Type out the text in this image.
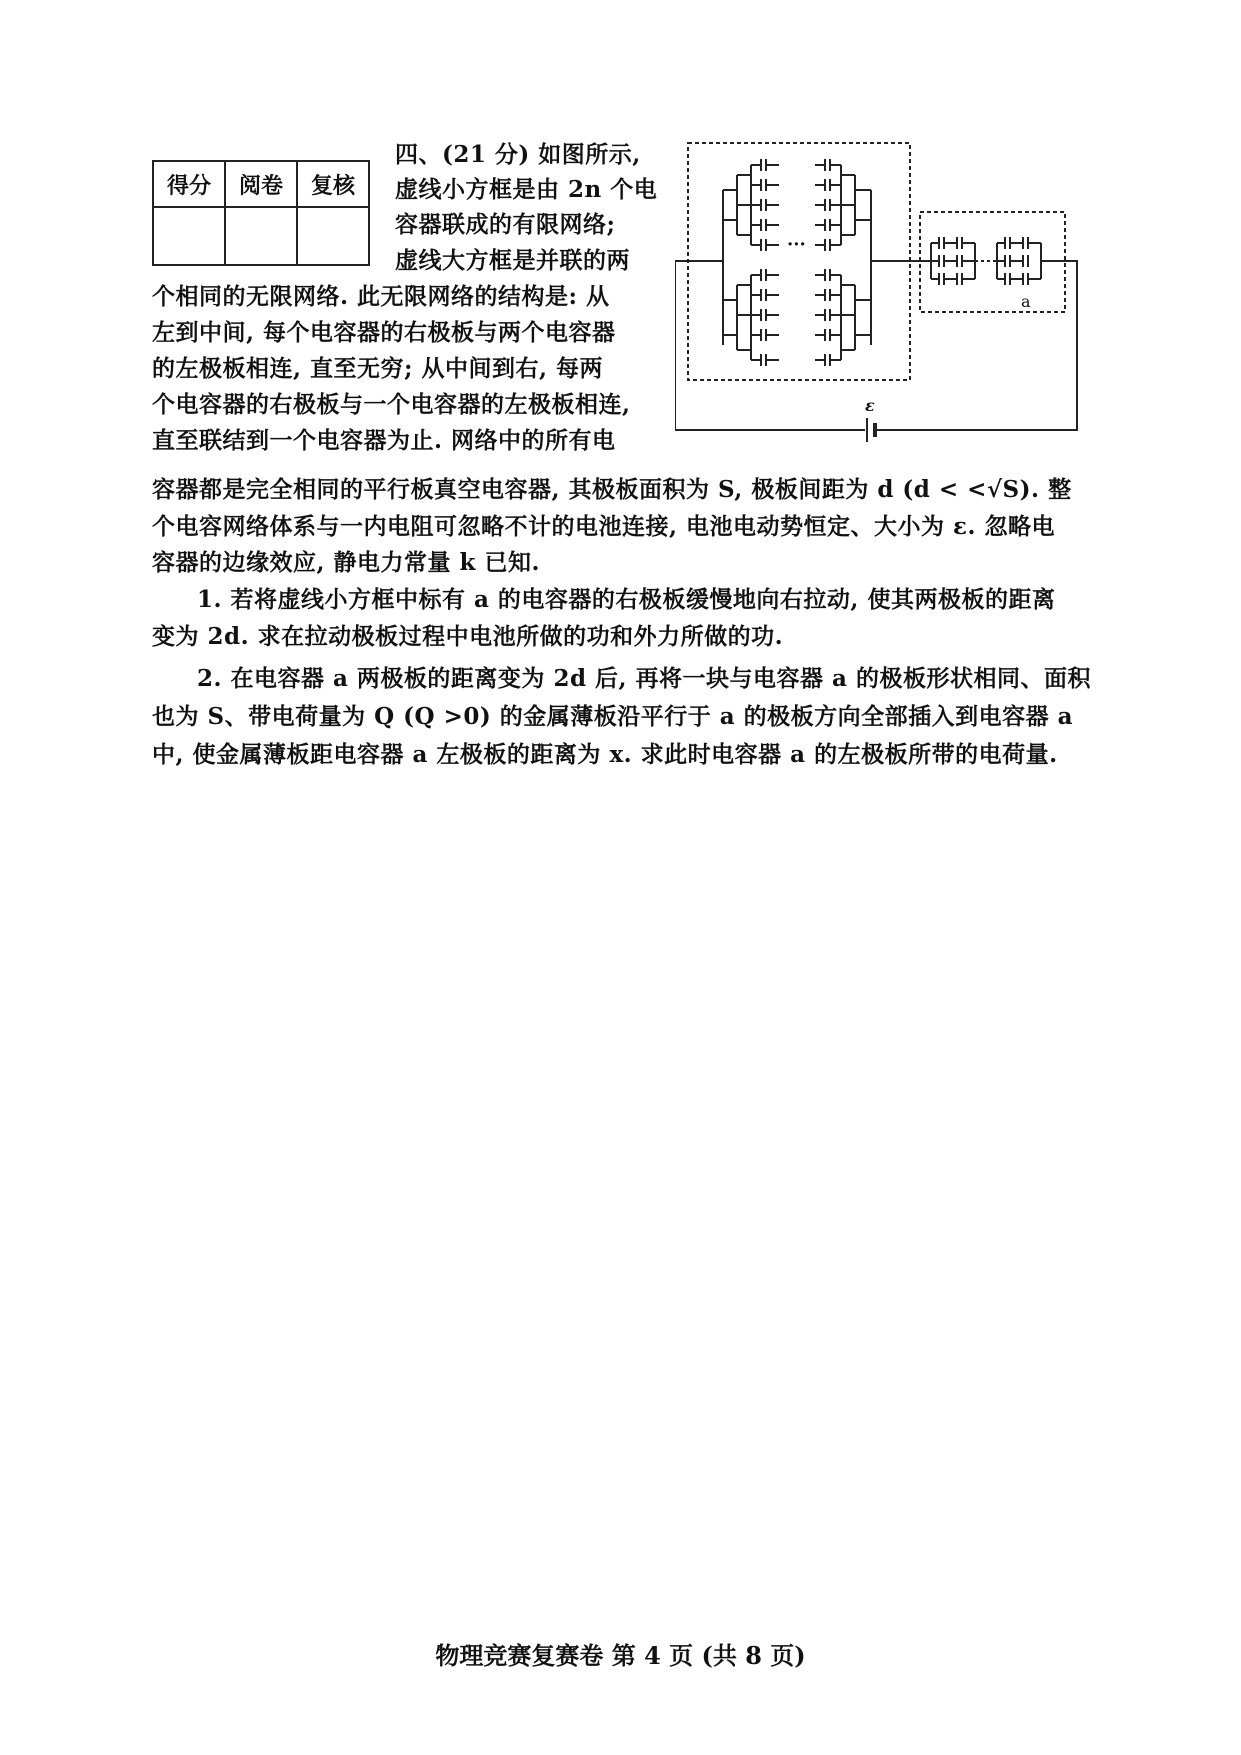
得分	阅卷	复核

四、(21 分) 如图所示,
虚线小方框是由 2n 个电
容器联成的有限网络;
虚线大方框是并联的两
个相同的无限网络. 此无限网络的结构是: 从
左到中间, 每个电容器的右极板与两个电容器
的左极板相连, 直至无穷; 从中间到右, 每两
个电容器的右极板与一个电容器的左极板相连,
直至联结到一个电容器为止. 网络中的所有电
容器都是完全相同的平行板真空电容器, 其极板面积为 S, 极板间距为 d (d < <√S). 整
个电容网络体系与一内电阻可忽略不计的电池连接, 电池电动势恒定、大小为 ε. 忽略电
容器的边缘效应, 静电力常量 k 已知.
1. 若将虚线小方框中标有 a 的电容器的右极板缓慢地向右拉动, 使其两极板的距离
变为 2d. 求在拉动极板过程中电池所做的功和外力所做的功.
2. 在电容器 a 两极板的距离变为 2d 后, 再将一块与电容器 a 的极板形状相同、面积
也为 S、带电荷量为 Q (Q >0) 的金属薄板沿平行于 a 的极板方向全部插入到电容器 a
中, 使金属薄板距电容器 a 左极板的距离为 x. 求此时电容器 a 的左极板所带的电荷量.
ε
···
a
物理竞赛复赛卷 第 4 页 (共 8 页)
